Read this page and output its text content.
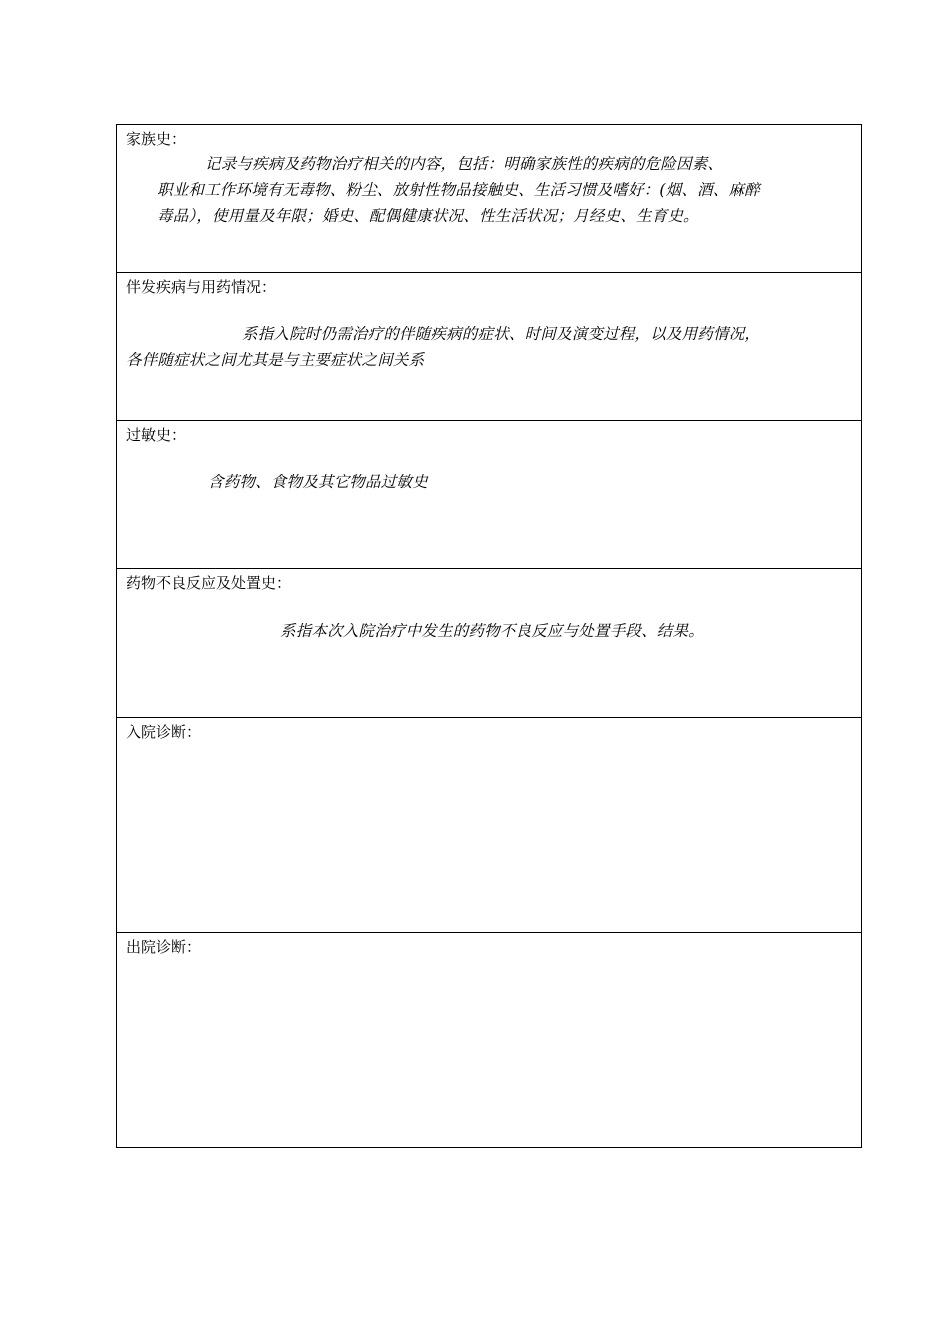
家族史：
记录与疾病及药物治疗相关的内容，包括：明确家族性的疾病的危险因素、
职业和工作环境有无毒物、粉尘、放射性物品接触史、生活习惯及嗜好：(烟、酒、麻醉
毒品），使用量及年限；婚史、配偶健康状况、性生活状况；月经史、生育史。
伴发疾病与用药情况：
系指入院时仍需治疗的伴随疾病的症状、时间及演变过程，以及用药情况，
各伴随症状之间尤其是与主要症状之间关系
过敏史：
含药物、食物及其它物品过敏史
药物不良反应及处置史：
系指本次入院治疗中发生的药物不良反应与处置手段、结果。
入院诊断：
出院诊断：
